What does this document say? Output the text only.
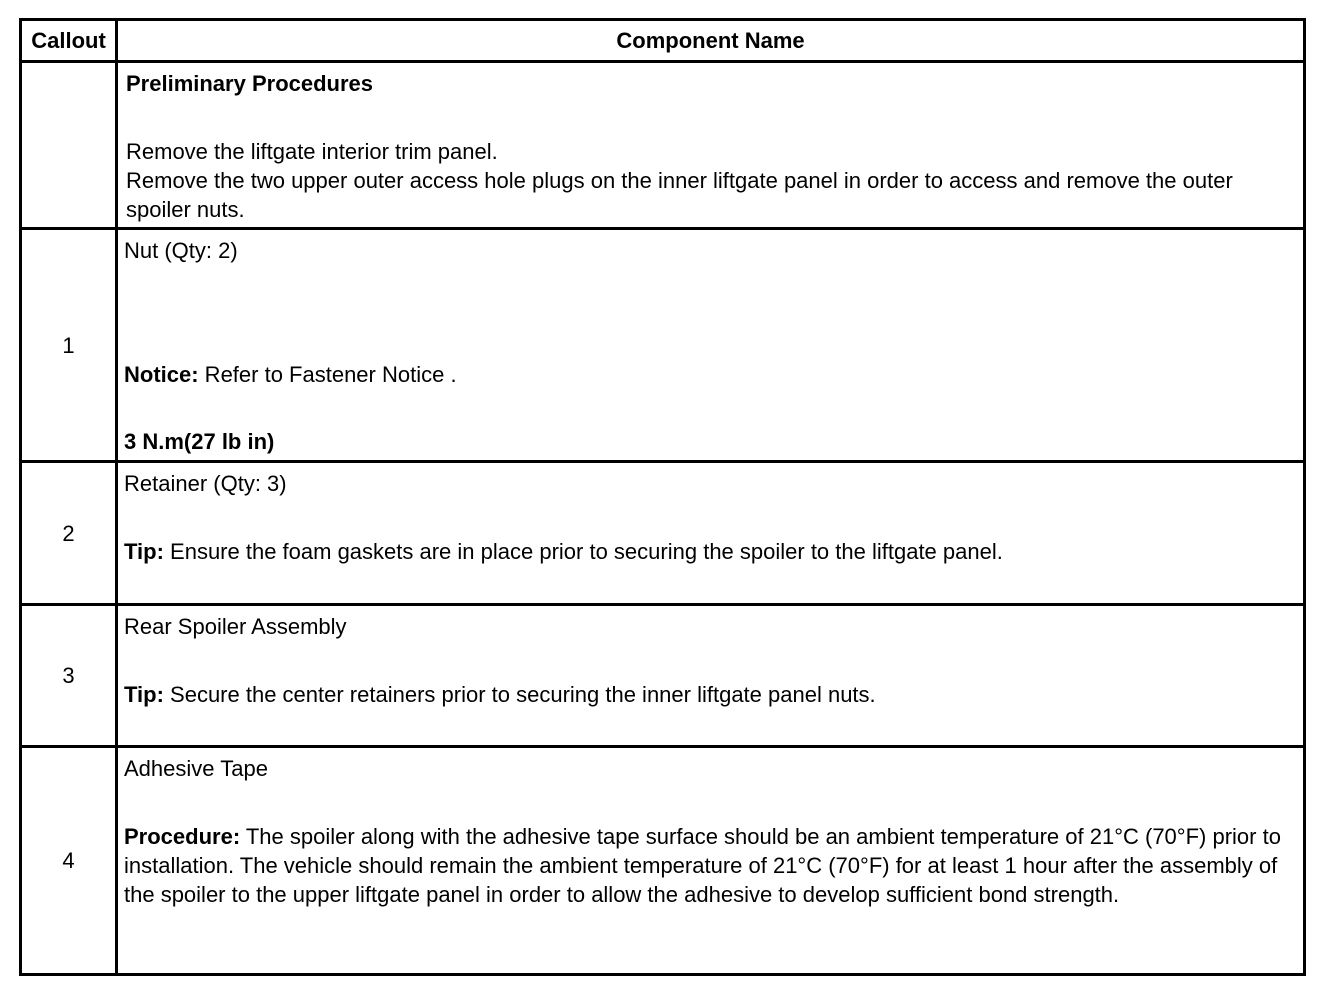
Callout	Component Name

	Preliminary Procedures
Remove the liftgate interior trim panel.
Remove the two upper outer access hole plugs on the inner liftgate panel in order to access and remove the outer spoiler nuts.

1	Nut (Qty: 2)
Notice: Refer to Fastener Notice .
3 N.m(27 lb in)

2	Retainer (Qty: 3)
Tip: Ensure the foam gaskets are in place prior to securing the spoiler to the liftgate panel.

3	Rear Spoiler Assembly
Tip: Secure the center retainers prior to securing the inner liftgate panel nuts.

4	Adhesive Tape
Procedure: The spoiler along with the adhesive tape surface should be an ambient temperature of 21°C (70°F) prior to installation. The vehicle should remain the ambient temperature of 21°C (70°F) for at least 1 hour after the assembly of the spoiler to the upper liftgate panel in order to allow the adhesive to develop sufficient bond strength.
